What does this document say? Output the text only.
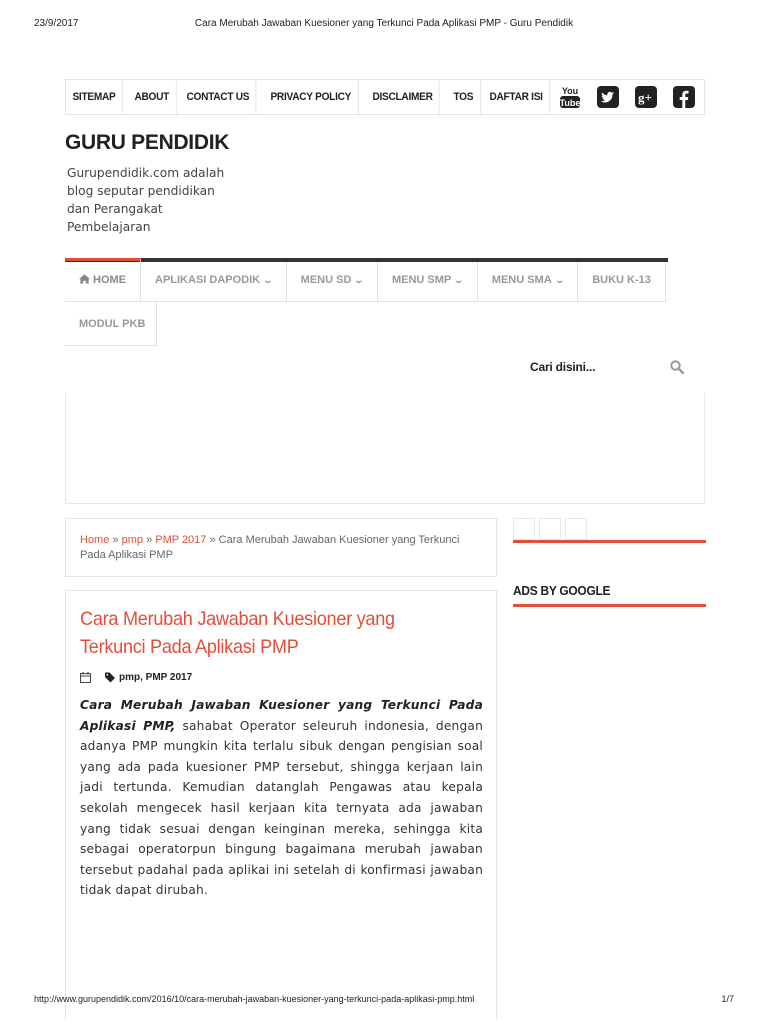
23/9/2017	Cara Merubah Jawaban Kuesioner yang Terkunci Pada Aplikasi PMP - Guru Pendidik
SITEMAP	ABOUT	CONTACT US	PRIVACY POLICY	DISCLAIMER	TOS	DAFTAR ISI	You
Tube	g+
GURU PENDIDIK
Gurupendidik.com adalah blog seputar pendidikan dan Perangakat Pembelajaran
HOME	APLIKASI DAPODIK ⌄	MENU SD ⌄	MENU SMP ⌄	MENU SMA ⌄	BUKU K-13
MODUL PKB
Cari disini...
Home » pmp » PMP 2017 » Cara Merubah Jawaban Kuesioner yang Terkunci Pada Aplikasi PMP
Cara Merubah Jawaban Kuesioner yang
Terkunci Pada Aplikasi PMP
pmp, PMP 2017

Cara Merubah Jawaban Kuesioner yang Terkunci Pada Aplikasi PMP, sahabat Operator seleuruh indonesia, dengan adanya PMP mungkin kita terlalu sibuk dengan pengisian soal yang ada pada kuesioner PMP tersebut, shingga kerjaan lain jadi tertunda. Kemudian datanglah Pengawas atau kepala sekolah mengecek hasil kerjaan kita ternyata ada jawaban yang tidak sesuai dengan keinginan mereka, sehingga kita sebagai operatorpun bingung bagaimana merubah jawaban tersebut padahal pada aplikai ini setelah di konfirmasi jawaban tidak dapat dirubah.

ADS BY GOOGLE
http://www.gurupendidik.com/2016/10/cara-merubah-jawaban-kuesioner-yang-terkunci-pada-aplikasi-pmp.html	1/7
